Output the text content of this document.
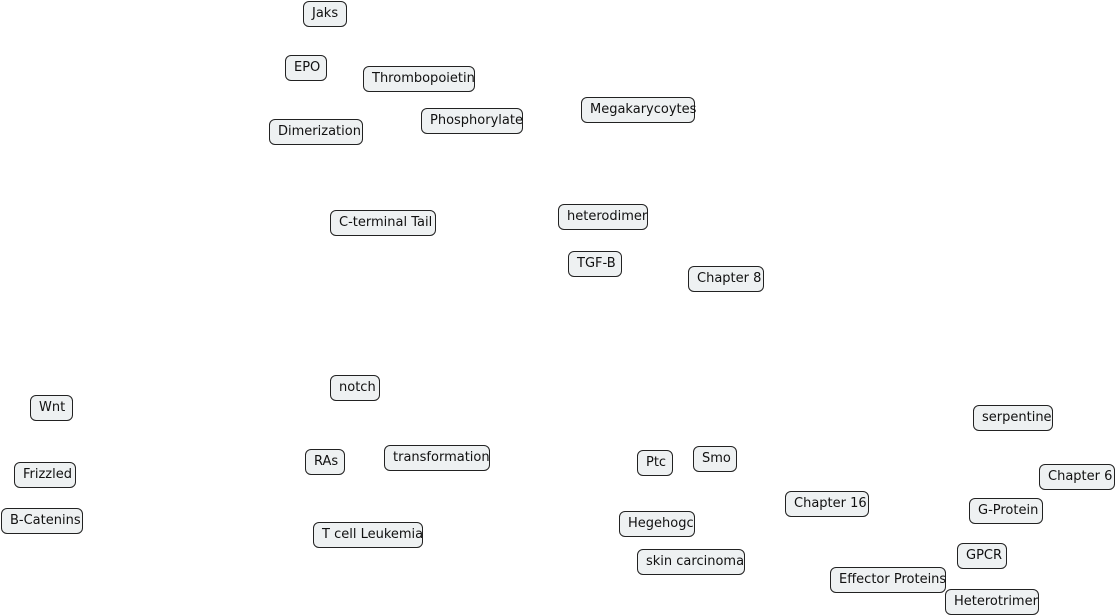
Jaks
EPO
Thrombopoietin
Dimerization
Phosphorylate
Megakarycoytes
C-terminal Tail	heterodimer
TGF-B
Chapter 8
notch
Wnt
Frizzled
B-Catenins
RAs	transformation
T cell Leukemia
Ptc	Smo
Hegehogc
skin carcinoma
Chapter 16
serpentine
Chapter 6
G-Protein
GPCR
Effector Proteins
Heterotrimer
